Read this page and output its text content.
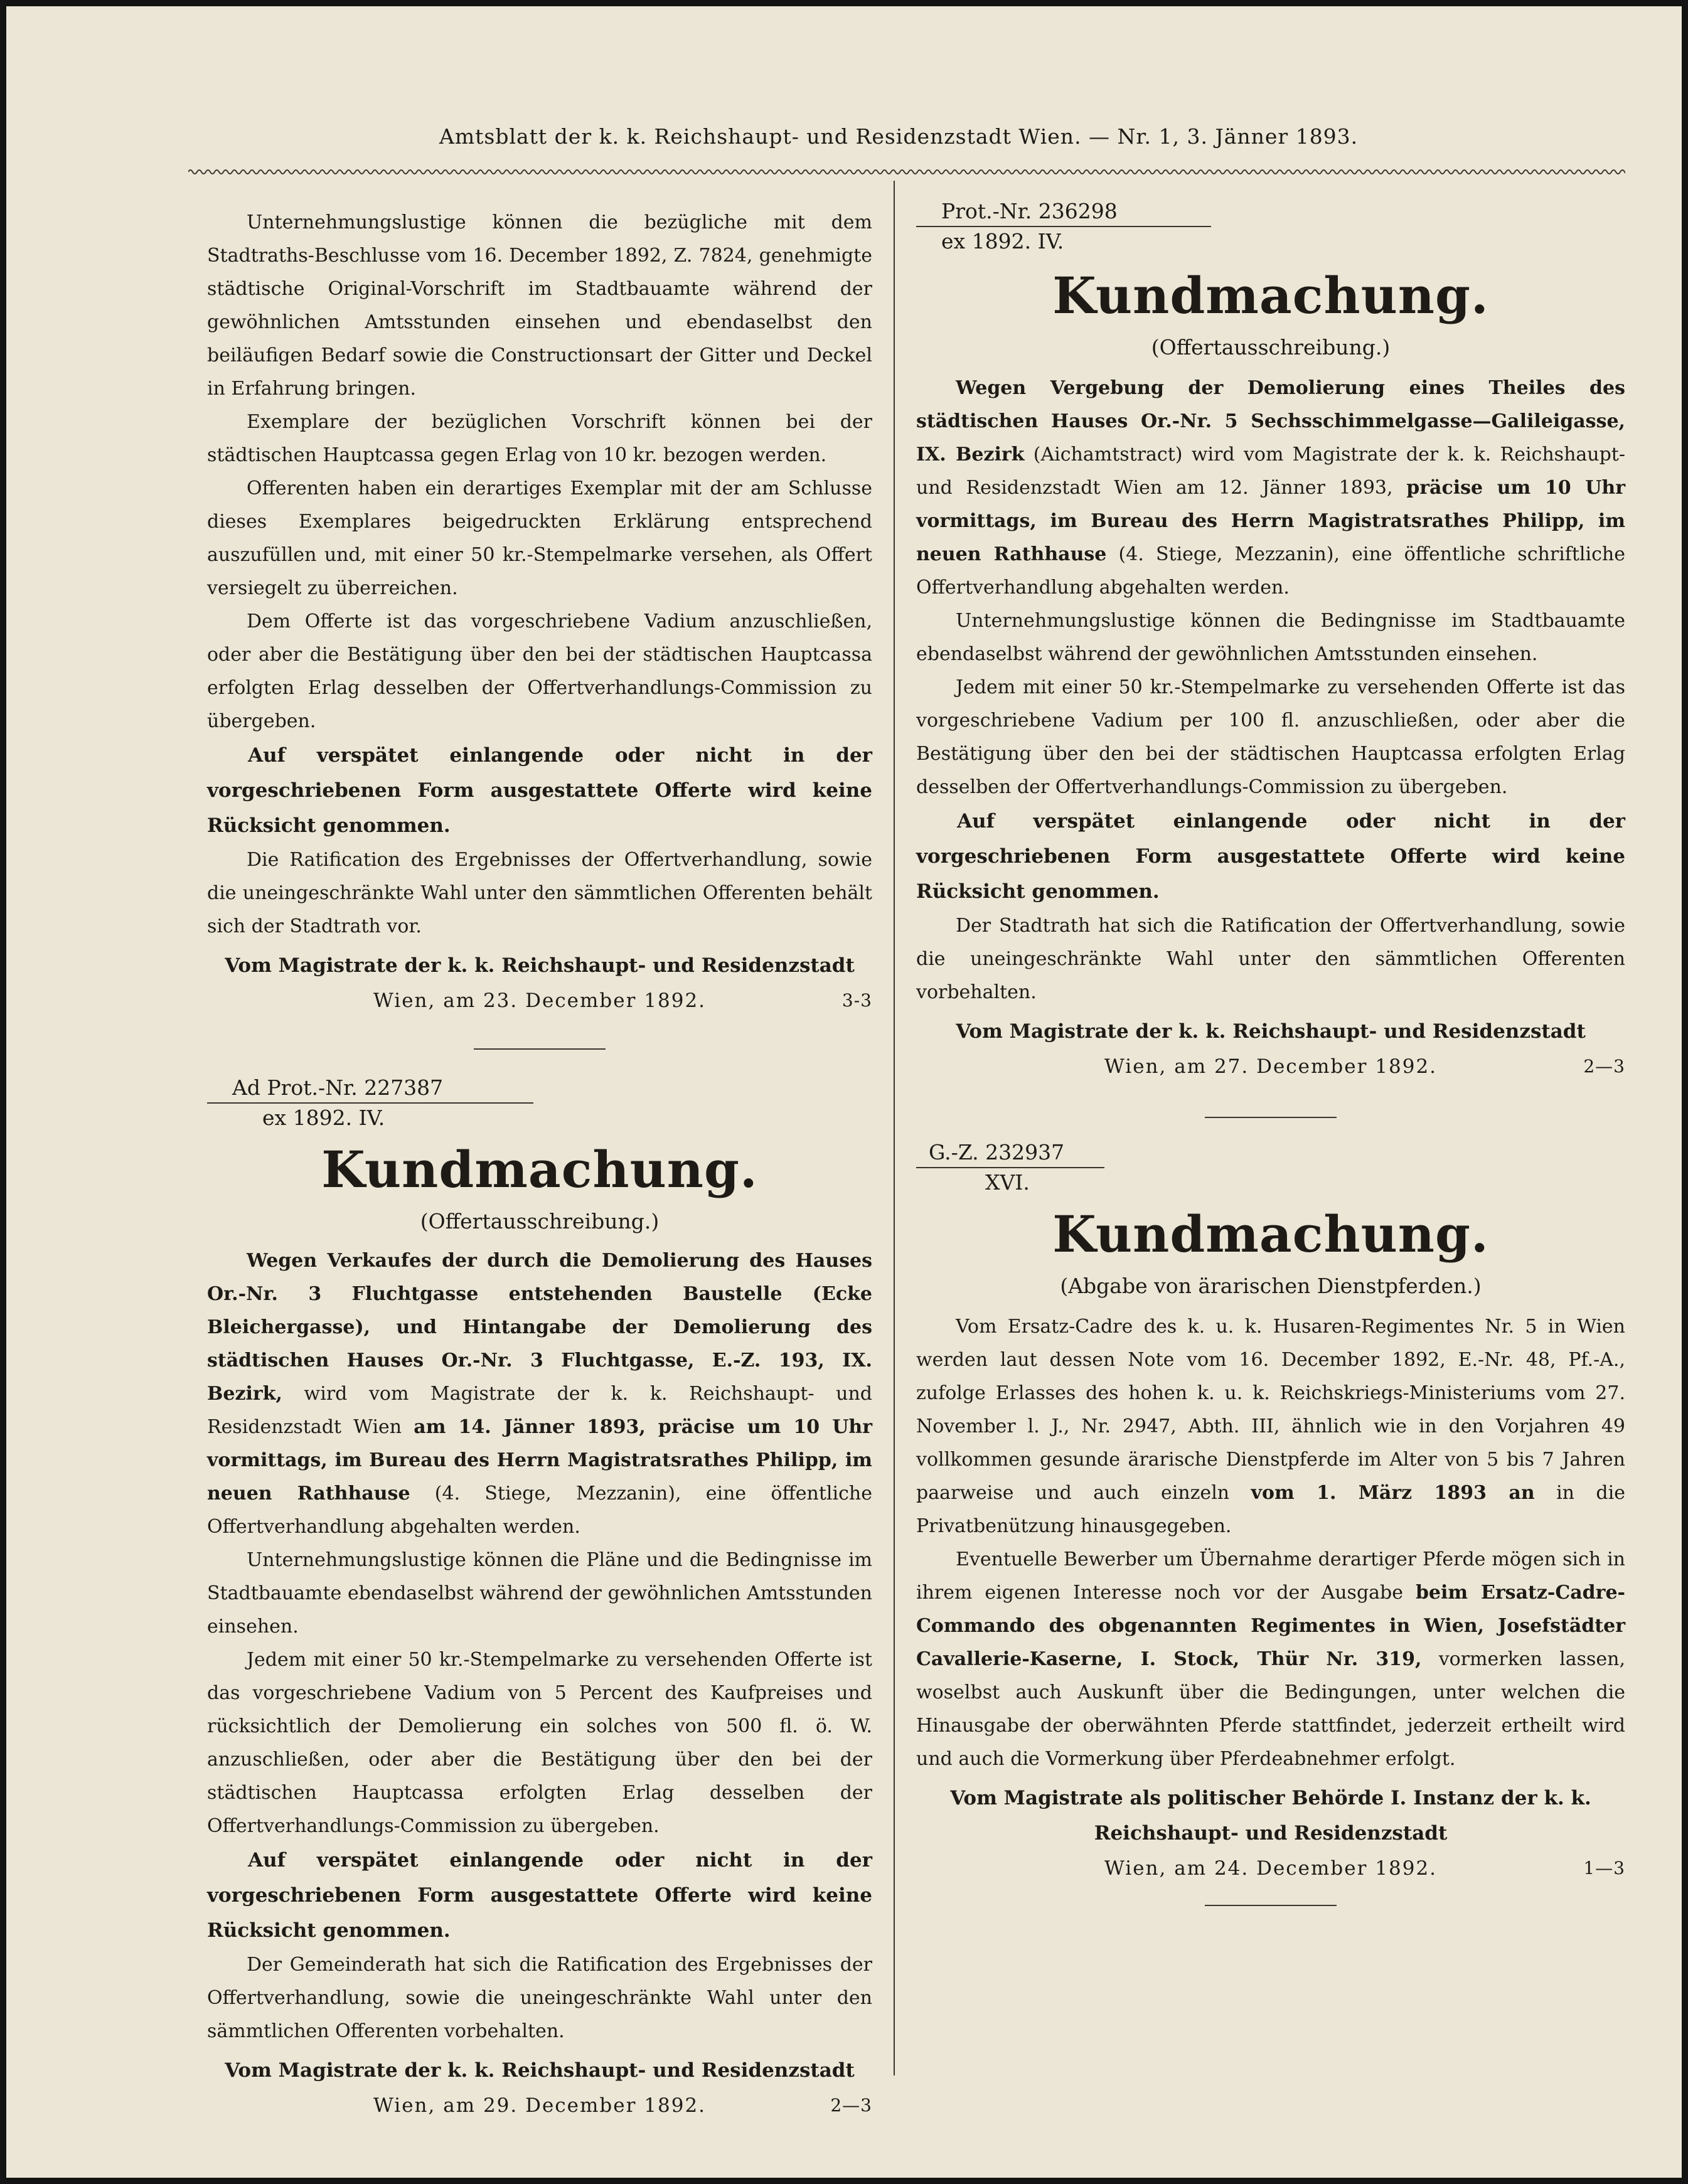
Amtsblatt der k. k. Reichshaupt- und Residenzstadt Wien. — Nr. 1, 3. Jänner 1893.

Unternehmungslustige können die bezügliche mit dem Stadtraths-Beschlusse vom 16. December 1892, Z. 7824, genehmigte städtische Original-Vorschrift im Stadtbauamte während der gewöhnlichen Amtsstunden einsehen und ebendaselbst den beiläufigen Bedarf sowie die Constructionsart der Gitter und Deckel in Erfahrung bringen.

Exemplare der bezüglichen Vorschrift können bei der städtischen Hauptcassa gegen Erlag von 10 kr. bezogen werden.

Offerenten haben ein derartiges Exemplar mit der am Schlusse dieses Exemplares beigedruckten Erklärung entsprechend auszufüllen und, mit einer 50 kr.-Stempelmarke versehen, als Offert versiegelt zu überreichen.

Dem Offerte ist das vorgeschriebene Vadium anzuschließen, oder aber die Bestätigung über den bei der städtischen Hauptcassa erfolgten Erlag desselben der Offertverhandlungs-Commission zu übergeben.

Auf verspätet einlangende oder nicht in der vorgeschriebenen Form ausgestattete Offerte wird keine Rücksicht genommen.

Die Ratification des Ergebnisses der Offertverhandlung, sowie die uneingeschränkte Wahl unter den sämmtlichen Offerenten behält sich der Stadtrath vor.

Vom Magistrate der k. k. Reichshaupt- und Residenzstadt
Wien, am 23. December 1892.	3-3
Ad Prot.-Nr. 227387
ex 1892. IV.
Kundmachung.
(Offertausschreibung.)

Wegen Verkaufes der durch die Demolierung des Hauses Or.-Nr. 3 Fluchtgasse entstehenden Baustelle (Ecke Bleichergasse), und Hintangabe der Demolierung des städtischen Hauses Or.-Nr. 3 Fluchtgasse, E.-Z. 193, IX. Bezirk, wird vom Magistrate der k. k. Reichshaupt- und Residenzstadt Wien am 14. Jänner 1893, präcise um 10 Uhr vormittags, im Bureau des Herrn Magistratsrathes Philipp, im neuen Rathhause (4. Stiege, Mezzanin), eine öffentliche Offertverhandlung abgehalten werden.

Unternehmungslustige können die Pläne und die Bedingnisse im Stadtbauamte ebendaselbst während der gewöhnlichen Amtsstunden einsehen.

Jedem mit einer 50 kr.-Stempelmarke zu versehenden Offerte ist das vorgeschriebene Vadium von 5 Percent des Kaufpreises und rücksichtlich der Demolierung ein solches von 500 fl. ö. W. anzuschließen, oder aber die Bestätigung über den bei der städtischen Hauptcassa erfolgten Erlag desselben der Offertverhandlungs-Commission zu übergeben.

Auf verspätet einlangende oder nicht in der vorgeschriebenen Form ausgestattete Offerte wird keine Rücksicht genommen.

Der Gemeinderath hat sich die Ratification des Ergebnisses der Offertverhandlung, sowie die uneingeschränkte Wahl unter den sämmtlichen Offerenten vorbehalten.

Vom Magistrate der k. k. Reichshaupt- und Residenzstadt
Wien, am 29. December 1892.	2—3
Prot.-Nr. 236298
ex 1892. IV.
Kundmachung.
(Offertausschreibung.)

Wegen Vergebung der Demolierung eines Theiles des städtischen Hauses Or.-Nr. 5 Sechsschimmelgasse—Galileigasse, IX. Bezirk (Aichamtstract) wird vom Magistrate der k. k. Reichshaupt- und Residenzstadt Wien am 12. Jänner 1893, präcise um 10 Uhr vormittags, im Bureau des Herrn Magistratsrathes Philipp, im neuen Rathhause (4. Stiege, Mezzanin), eine öffentliche schriftliche Offertverhandlung abgehalten werden.

Unternehmungslustige können die Bedingnisse im Stadtbauamte ebendaselbst während der gewöhnlichen Amtsstunden einsehen.

Jedem mit einer 50 kr.-Stempelmarke zu versehenden Offerte ist das vorgeschriebene Vadium per 100 fl. anzuschließen, oder aber die Bestätigung über den bei der städtischen Hauptcassa erfolgten Erlag desselben der Offertverhandlungs-Commission zu übergeben.

Auf verspätet einlangende oder nicht in der vorgeschriebenen Form ausgestattete Offerte wird keine Rücksicht genommen.

Der Stadtrath hat sich die Ratification der Offertverhandlung, sowie die uneingeschränkte Wahl unter den sämmtlichen Offerenten vorbehalten.

Vom Magistrate der k. k. Reichshaupt- und Residenzstadt
Wien, am 27. December 1892.	2—3
G.-Z. 232937
XVI.
Kundmachung.
(Abgabe von ärarischen Dienstpferden.)

Vom Ersatz-Cadre des k. u. k. Husaren-Regimentes Nr. 5 in Wien werden laut dessen Note vom 16. December 1892, E.-Nr. 48, Pf.-A., zufolge Erlasses des hohen k. u. k. Reichskriegs-Ministeriums vom 27. November l. J., Nr. 2947, Abth. III, ähnlich wie in den Vorjahren 49 vollkommen gesunde ärarische Dienstpferde im Alter von 5 bis 7 Jahren paarweise und auch einzeln vom 1. März 1893 an in die Privatbenützung hinausgegeben.

Eventuelle Bewerber um Übernahme derartiger Pferde mögen sich in ihrem eigenen Interesse noch vor der Ausgabe beim Ersatz-Cadre-Commando des obgenannten Regimentes in Wien, Josefstädter Cavallerie-Kaserne, I. Stock, Thür Nr. 319, vormerken lassen, woselbst auch Auskunft über die Bedingungen, unter welchen die Hinausgabe der oberwähnten Pferde stattfindet, jederzeit ertheilt wird und auch die Vormerkung über Pferdeabnehmer erfolgt.

Vom Magistrate als politischer Behörde I. Instanz der k. k.
Reichshaupt- und Residenzstadt
Wien, am 24. December 1892.	1—3
